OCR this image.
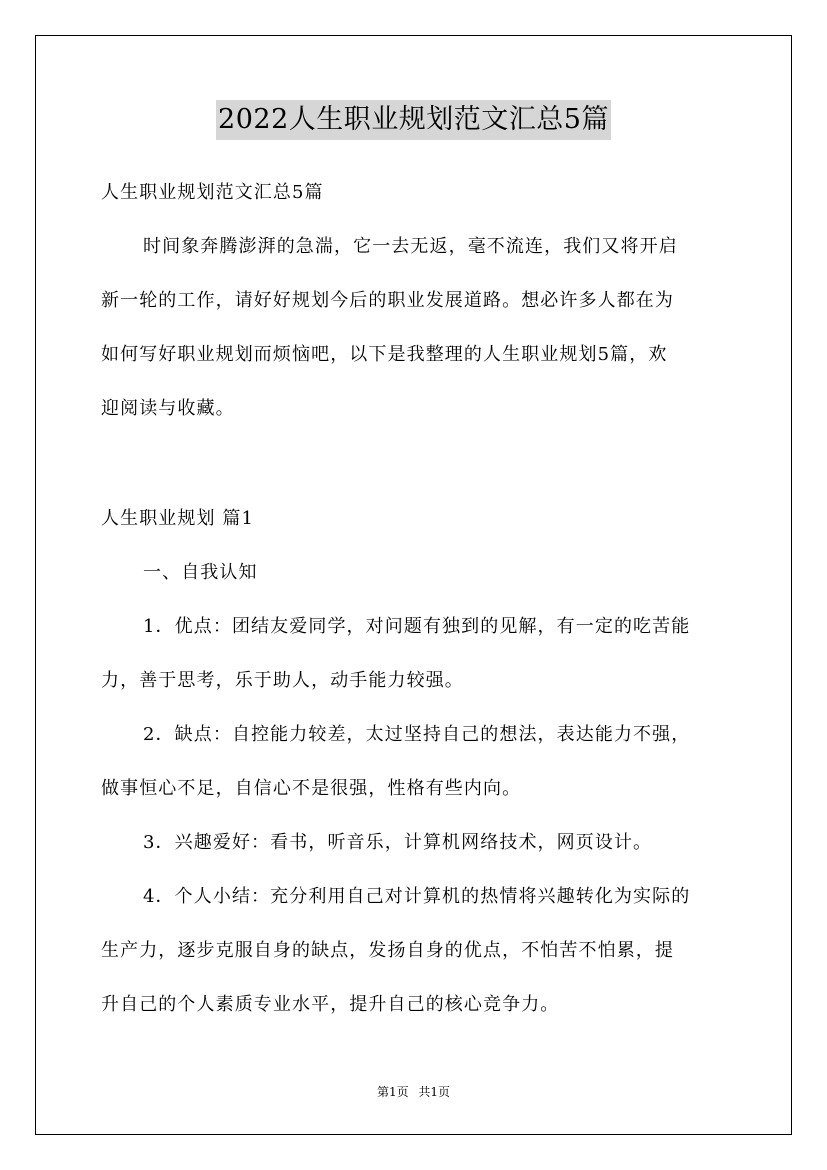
2022人生职业规划范文汇总5篇

人生职业规划范文汇总5篇

时间象奔腾澎湃的急湍，它一去无返，毫不流连，我们又将开启

新一轮的工作，请好好规划今后的职业发展道路。想必许多人都在为

如何写好职业规划而烦恼吧，以下是我整理的人生职业规划5篇，欢

迎阅读与收藏。

人生职业规划 篇1

一、自我认知

1．优点：团结友爱同学，对问题有独到的见解，有一定的吃苦能

力，善于思考，乐于助人，动手能力较强。

2．缺点：自控能力较差，太过坚持自己的想法，表达能力不强，

做事恒心不足，自信心不是很强，性格有些内向。

3．兴趣爱好：看书，听音乐，计算机网络技术，网页设计。

4．个人小结：充分利用自己对计算机的热情将兴趣转化为实际的

生产力，逐步克服自身的缺点，发扬自身的优点，不怕苦不怕累，提

升自己的个人素质专业水平，提升自己的核心竞争力。

第1页 共1页
